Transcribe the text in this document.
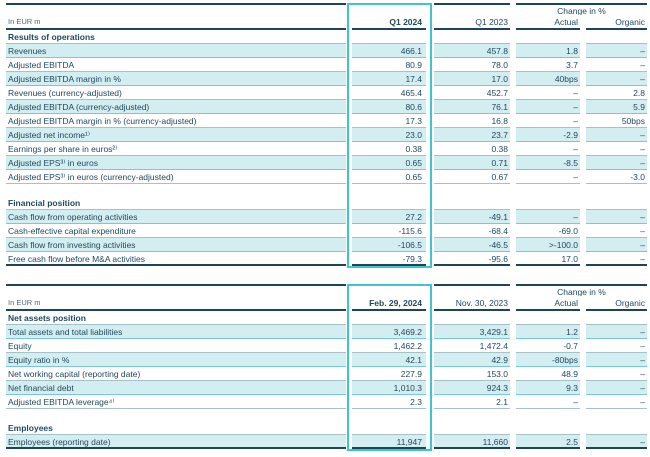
Change in %
In EUR m	Q1 2024	Q1 2023	Actual	Organic
Results of operations
Revenues	466.1	457.8	1.8	–
Adjusted EBITDA	80.9	78.0	3.7	–
Adjusted EBITDA margin in %	17.4	17.0	40bps	–
Revenues (currency-adjusted)	465.4	452.7	–	2.8
Adjusted EBITDA (currency-adjusted)	80.6	76.1	–	5.9
Adjusted EBITDA margin in % (currency-adjusted)	17.3	16.8	–	50bps
Adjusted net income¹⁾	23.0	23.7	-2.9	–
Earnings per share in euros²⁾	0.38	0.38	–	–
Adjusted EPS³⁾ in euros	0.65	0.71	-8.5	–
Adjusted EPS³⁾ in euros (currency-adjusted)	0.65	0.67	–	-3.0
Financial position
Cash flow from operating activities	27.2	-49.1	–	–
Cash-effective capital expenditure	-115.6	-68.4	-69.0	–
Cash flow from investing activities	-106.5	-46.5	>-100.0	–
Free cash flow before M&A activities	-79.3	-95.6	17.0	–
Change in %
In EUR m	Feb. 29, 2024	Nov. 30, 2023	Actual	Organic
Net assets position
Total assets and total liabilities	3,469.2	3,429.1	1.2	–
Equity	1,462.2	1,472.4	-0.7	–
Equity ratio in %	42.1	42.9	-80bps	–
Net working capital (reporting date)	227.9	153.0	48.9	–
Net financial debt	1,010.3	924.3	9.3	–
Adjusted EBITDA leverage⁴⁾	2.3	2.1	–	–
Employees
Employees (reporting date)	11,947	11,660	2.5	–
